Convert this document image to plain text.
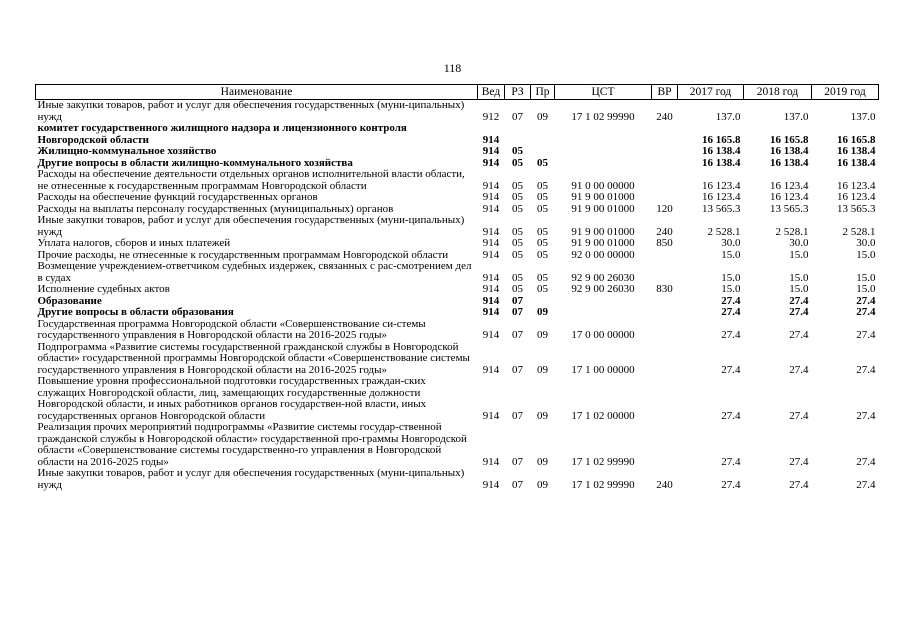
118
Наименование	Вед	РЗ	Пр	ЦСТ	ВР	2017 год	2018 год	2019 год
Иные закупки товаров, работ и услуг для обеспечения государственных (муни-ципальных) нужд	912	07	09	17 1 02 99990	240	137.0	137.0	137.0
комитет государственного жилищного надзора и лицензионного контроля Новгородской области	914					16 165.8	16 165.8	16 165.8
Жилищно-коммунальное хозяйство	914	05				16 138.4	16 138.4	16 138.4
Другие вопросы в области жилищно-коммунального хозяйства	914	05	05			16 138.4	16 138.4	16 138.4
Расходы на обеспечение деятельности отдельных органов исполнительной власти области, не отнесенные к государственным программам Новгородской области	914	05	05	91 0 00 00000		16 123.4	16 123.4	16 123.4
Расходы на обеспечение функций государственных органов	914	05	05	91 9 00 01000		16 123.4	16 123.4	16 123.4
Расходы на выплаты персоналу государственных (муниципальных) органов	914	05	05	91 9 00 01000	120	13 565.3	13 565.3	13 565.3
Иные закупки товаров, работ и услуг для обеспечения государственных (муни-ципальных) нужд	914	05	05	91 9 00 01000	240	2 528.1	2 528.1	2 528.1
Уплата налогов, сборов и иных платежей	914	05	05	91 9 00 01000	850	30.0	30.0	30.0
Прочие расходы, не отнесенные к государственным программам Новгородской области	914	05	05	92 0 00 00000		15.0	15.0	15.0
Возмещение учреждением-ответчиком судебных издержек, связанных с рас-смотрением дел в судах	914	05	05	92 9 00 26030		15.0	15.0	15.0
Исполнение судебных актов	914	05	05	92 9 00 26030	830	15.0	15.0	15.0
Образование	914	07				27.4	27.4	27.4
Другие вопросы в области образования	914	07	09			27.4	27.4	27.4
Государственная программа Новгородской области «Совершенствование си-стемы государственного управления в Новгородской области на 2016-2025 годы»	914	07	09	17 0 00 00000		27.4	27.4	27.4
Подпрограмма «Развитие системы государственной гражданской службы в Новгородской области» государственной программы Новгородской области «Совершенствование системы государственного управления в Новгородской области на 2016-2025 годы»	914	07	09	17 1 00 00000		27.4	27.4	27.4
Повышение уровня профессиональной подготовки государственных граждан-ских служащих Новгородской области, лиц, замещающих государственные должности Новгородской области, и иных работников органов государствен-ной власти, иных государственных органов Новгородской области	914	07	09	17 1 02 00000		27.4	27.4	27.4
Реализация прочих мероприятий подпрограммы «Развитие системы государ-ственной гражданской службы в Новгородской области» государственной про-граммы Новгородской области «Совершенствование системы государственно-го управления в Новгородской области на 2016-2025 годы»	914	07	09	17 1 02 99990		27.4	27.4	27.4
Иные закупки товаров, работ и услуг для обеспечения государственных (муни-ципальных) нужд	914	07	09	17 1 02 99990	240	27.4	27.4	27.4
